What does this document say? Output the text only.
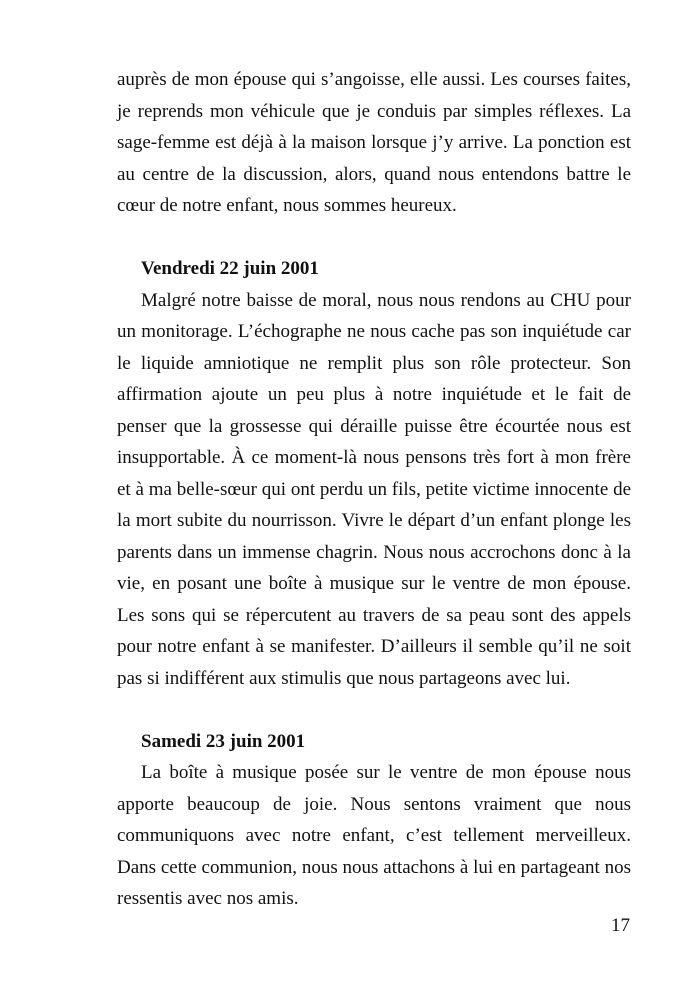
auprès de mon épouse qui s’angoisse, elle aussi. Les courses faites, je reprends mon véhicule que je conduis par simples réflexes. La sage-femme est déjà à la maison lorsque j’y arrive. La ponction est au centre de la discussion, alors, quand nous entendons battre le cœur de notre enfant, nous sommes heureux.

Vendredi 22 juin 2001

Malgré notre baisse de moral, nous nous rendons au CHU pour un monitorage. L’échographe ne nous cache pas son inquiétude car le liquide amniotique ne remplit plus son rôle protecteur. Son affirmation ajoute un peu plus à notre inquiétude et le fait de penser que la grossesse qui déraille puisse être écourtée nous est insupportable. À ce moment-là nous pensons très fort à mon frère et à ma belle-sœur qui ont perdu un fils, petite victime innocente de la mort subite du nourrisson. Vivre le départ d’un enfant plonge les parents dans un immense chagrin. Nous nous accrochons donc à la vie, en posant une boîte à musique sur le ventre de mon épouse. Les sons qui se répercutent au travers de sa peau sont des appels pour notre enfant à se manifester. D’ailleurs il semble qu’il ne soit pas si indifférent aux stimulis que nous partageons avec lui.

Samedi 23 juin 2001

La boîte à musique posée sur le ventre de mon épouse nous apporte beaucoup de joie. Nous sentons vraiment que nous communiquons avec notre enfant, c’est tellement merveilleux. Dans cette communion, nous nous attachons à lui en partageant nos ressentis avec nos amis.

17
